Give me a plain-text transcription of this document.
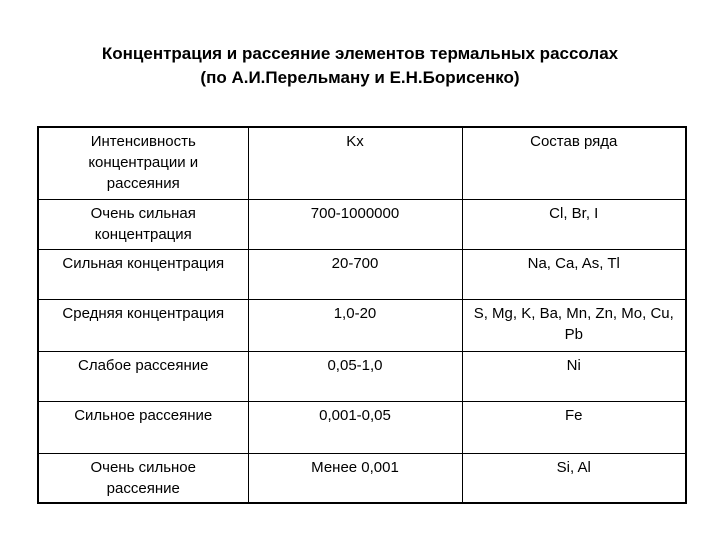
Концентрация и рассеяние элементов термальных рассолах
(по А.И.Перельману и Е.Н.Борисенко)
Интенсивность концентрации и рассеяния	Kx	Состав ряда
Очень сильная концентрация	700-1000000	Cl, Br, I
Сильная концентрация	20-700	Na, Ca, As, Tl
Средняя концентрация	1,0-20	S, Mg, K, Ba, Mn, Zn, Mo, Cu, Pb
Слабое рассеяние	0,05-1,0	Ni
Сильное рассеяние	0,001-0,05	Fe
Очень сильное рассеяние	Менее 0,001	Si, Al
